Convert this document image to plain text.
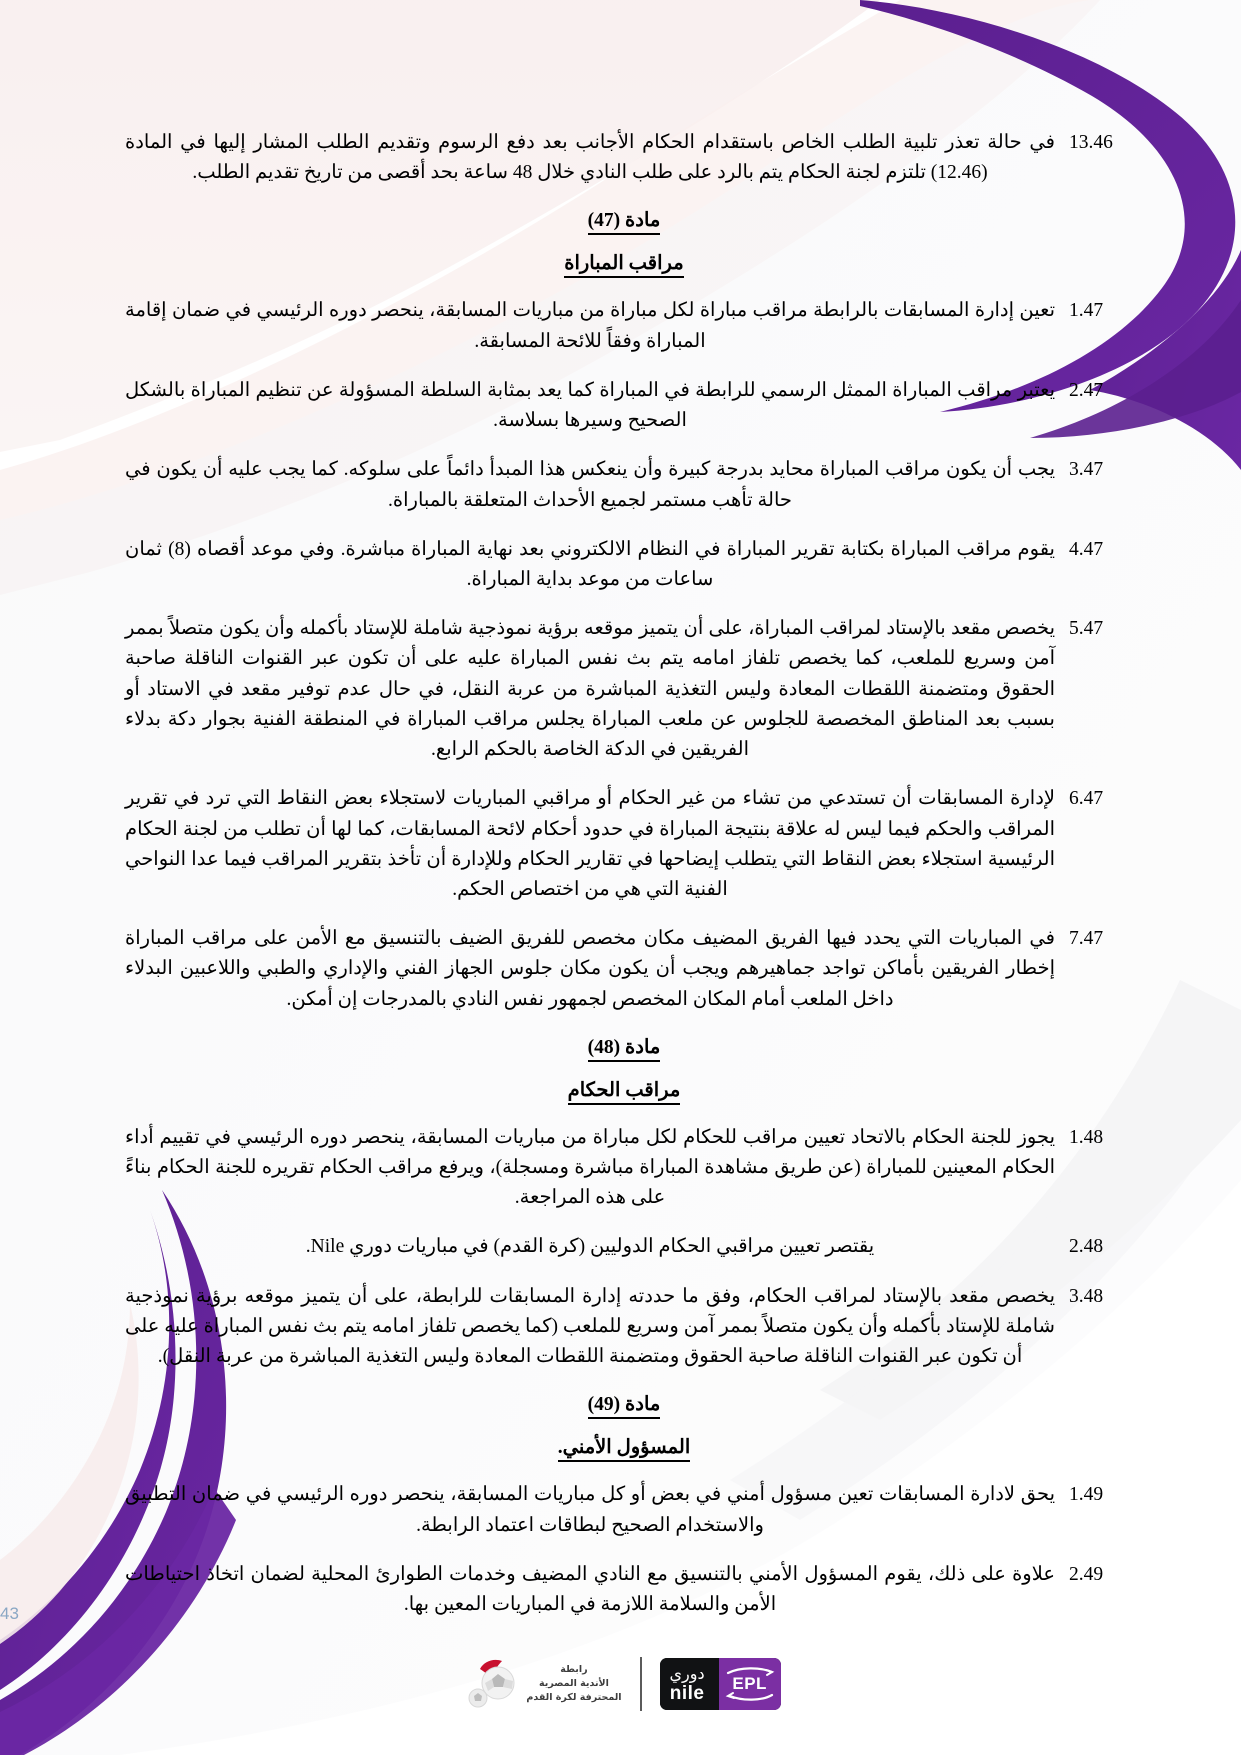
13.46
في حالة تعذر تلبية الطلب الخاص باستقدام الحكام الأجانب بعد دفع الرسوم وتقديم الطلب المشار إليها في المادة (12.46) تلتزم لجنة الحكام يتم بالرد على طلب النادي خلال 48 ساعة بحد أقصى من تاريخ تقديم الطلب.
مادة (47)
مراقب المباراة
1.47
تعين إدارة المسابقات بالرابطة مراقب مباراة لكل مباراة من مباريات المسابقة، ينحصر دوره الرئيسي في ضمان إقامة المباراة وفقاً للائحة المسابقة.
2.47
يعتبر مراقب المباراة الممثل الرسمي للرابطة في المباراة كما يعد بمثابة السلطة المسؤولة عن تنظيم المباراة بالشكل الصحيح وسيرها بسلاسة.
3.47
يجب أن يكون مراقب المباراة محايد بدرجة كبيرة وأن ينعكس هذا المبدأ دائماً على سلوكه. كما يجب عليه أن يكون في حالة تأهب مستمر لجميع الأحداث المتعلقة بالمباراة.
4.47
يقوم مراقب المباراة بكتابة تقرير المباراة في النظام الالكتروني بعد نهاية المباراة مباشرة. وفي موعد أقصاه (8) ثمان ساعات من موعد بداية المباراة.
5.47
يخصص مقعد بالإستاد لمراقب المباراة، على أن يتميز موقعه برؤية نموذجية شاملة للإستاد بأكمله وأن يكون متصلاً بممر آمن وسريع للملعب، كما يخصص تلفاز امامه يتم بث نفس المباراة عليه على أن تكون عبر القنوات الناقلة صاحبة الحقوق ومتضمنة اللقطات المعادة وليس التغذية المباشرة من عربة النقل، في حال عدم توفير مقعد في الاستاد أو بسبب بعد المناطق المخصصة للجلوس عن ملعب المباراة يجلس مراقب المباراة في المنطقة الفنية بجوار دكة بدلاء الفريقين في الدكة الخاصة بالحكم الرابع.
6.47
لإدارة المسابقات أن تستدعي من تشاء من غير الحكام أو مراقبي المباريات لاستجلاء بعض النقاط التي ترد في تقرير المراقب والحكم فيما ليس له علاقة بنتيجة المباراة في حدود أحكام لائحة المسابقات، كما لها أن تطلب من لجنة الحكام الرئيسية استجلاء بعض النقاط التي يتطلب إيضاحها في تقارير الحكام وللإدارة أن تأخذ بتقرير المراقب فيما عدا النواحي الفنية التي هي من اختصاص الحكم.
7.47
في المباريات التي يحدد فيها الفريق المضيف مكان مخصص للفريق الضيف بالتنسيق مع الأمن على مراقب المباراة إخطار الفريقين بأماكن تواجد جماهيرهم ويجب أن يكون مكان جلوس الجهاز الفني والإداري والطبي واللاعبين البدلاء داخل الملعب أمام المكان المخصص لجمهور نفس النادي بالمدرجات إن أمكن.
مادة (48)
مراقب الحكام
1.48
يجوز للجنة الحكام بالاتحاد تعيين مراقب للحكام لكل مباراة من مباريات المسابقة، ينحصر دوره الرئيسي في تقييم أداء الحكام المعينين للمباراة (عن طريق مشاهدة المباراة مباشرة ومسجلة)، ويرفع مراقب الحكام تقريره للجنة الحكام بناءً على هذه المراجعة.
2.48
يقتصر تعيين مراقبي الحكام الدوليين (كرة القدم) في مباريات دوري Nile.
3.48
يخصص مقعد بالإستاد لمراقب الحكام، وفق ما حددته إدارة المسابقات للرابطة، على أن يتميز موقعه برؤية نموذجية شاملة للإستاد بأكمله وأن يكون متصلاً بممر آمن وسريع للملعب (كما يخصص تلفاز امامه يتم بث نفس المباراة عليه على أن تكون عبر القنوات الناقلة صاحبة الحقوق ومتضمنة اللقطات المعادة وليس التغذية المباشرة من عربة النقل).
مادة (49)
المسؤول الأمني.
1.49
يحق لادارة المسابقات تعين مسؤول أمني في بعض أو كل مباريات المسابقة، ينحصر دوره الرئيسي في ضمان التطبيق والاستخدام الصحيح لبطاقات اعتماد الرابطة.
2.49
علاوة على ذلك، يقوم المسؤول الأمني بالتنسيق مع النادي المضيف وخدمات الطوارئ المحلية لضمان اتخاذ احتياطات الأمن والسلامة اللازمة في المباريات المعين بها.
43
EPL
دوري
nile
رابطة
الأندية المصرية
المحترفة لكرة القدم
